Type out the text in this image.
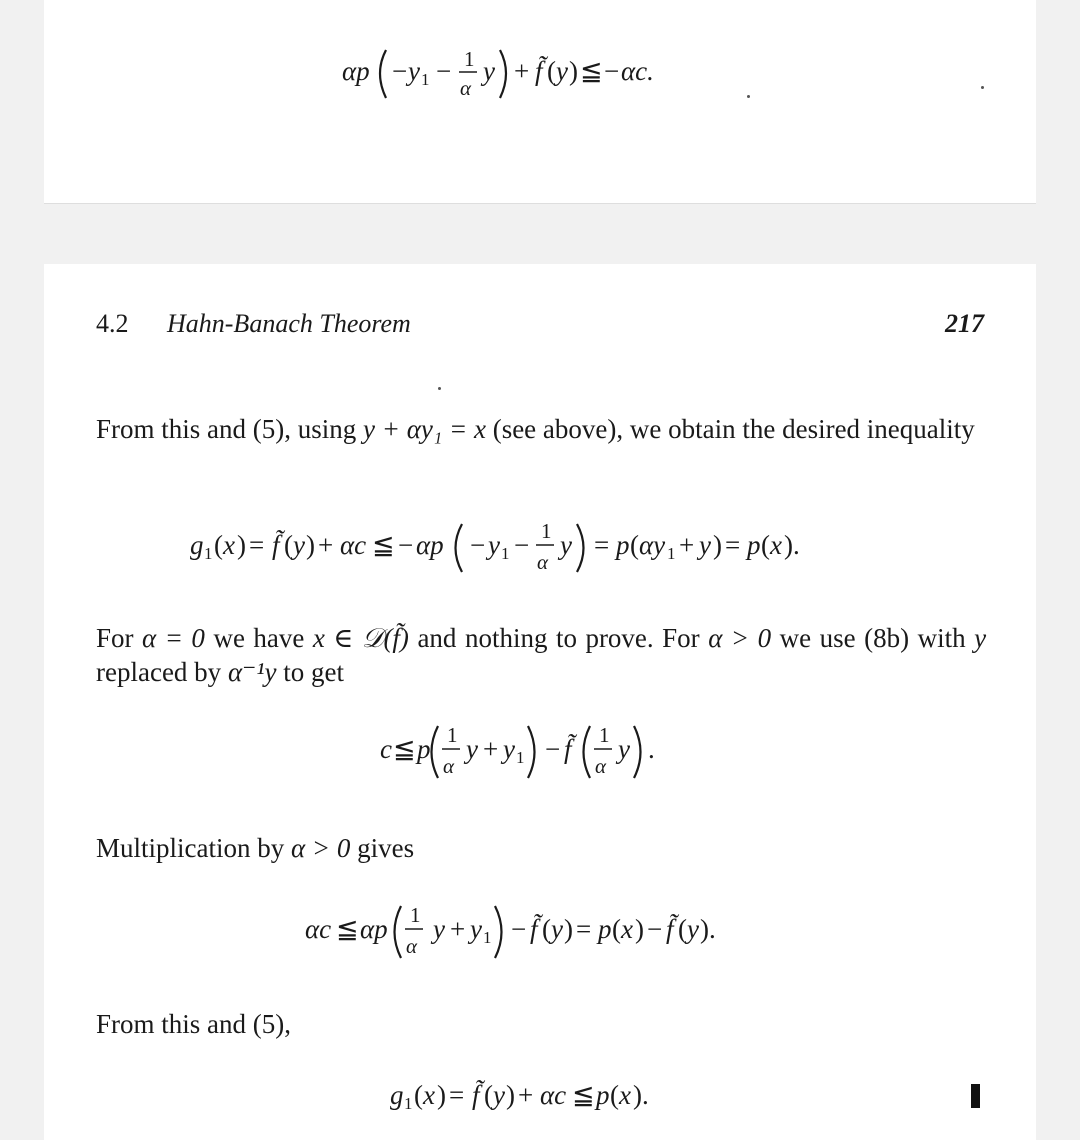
αp − y 1 − 1
α
y + f̃ ( y ) ≦ − αc.
4.2 Hahn-Banach Theorem	217
From this and (5), using y + αy₁ = x (see above), we obtain the desired inequality
g 1 ( x ) = f̃ ( y ) + αc ≦ − αp − y 1 − 1
α
y = p ( αy 1 + y ) = p ( x ).
For α = 0 we have x ∈ 𝒟(f̃) and nothing to prove. For α > 0 we use (8b) with y replaced by α⁻¹y to get
c ≦ p 1
α
y + y 1 − f̃ 1
α
y .
Multiplication by α > 0 gives
αc ≦ αp 1
α
y + y 1 − f̃ ( y ) = p ( x ) − f̃ ( y ).
From this and (5),
g 1 ( x ) = f̃ ( y ) + αc ≦ p ( x ).
